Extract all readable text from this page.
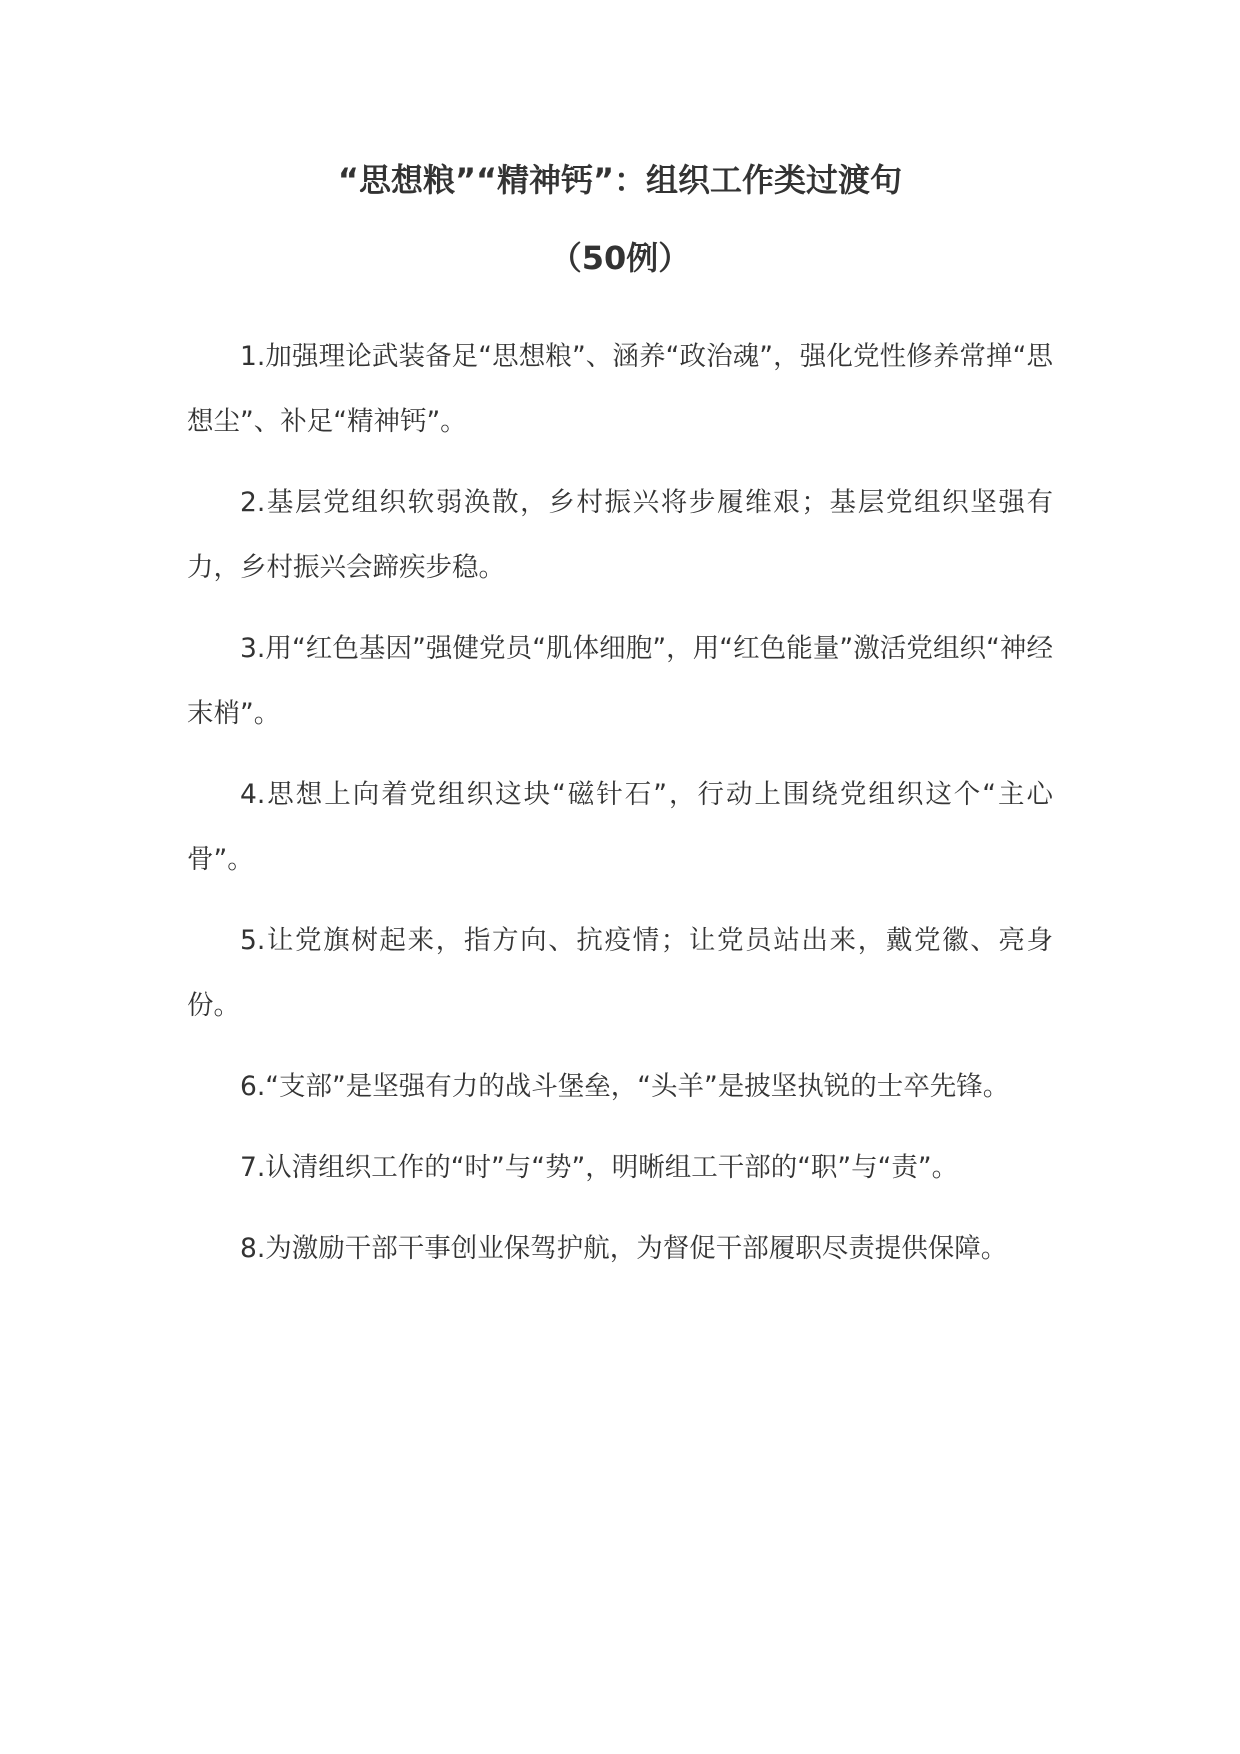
“思想粮”“精神钙”：组织工作类过渡句
（50例）

1.加强理论武装备足“思想粮”、涵养“政治魂”，强化党性修养常掸“思想尘”、补足“精神钙”。

2.基层党组织软弱涣散，乡村振兴将步履维艰；基层党组织坚强有力，乡村振兴会蹄疾步稳。

3.用“红色基因”强健党员“肌体细胞”，用“红色能量”激活党组织“神经末梢”。

4.思想上向着党组织这块“磁针石”，行动上围绕党组织这个“主心骨”。

5.让党旗树起来，指方向、抗疫情；让党员站出来，戴党徽、亮身份。

6.“支部”是坚强有力的战斗堡垒，“头羊”是披坚执锐的士卒先锋。

7.认清组织工作的“时”与“势”，明晰组工干部的“职”与“责”。

8.为激励干部干事创业保驾护航，为督促干部履职尽责提供保障。
